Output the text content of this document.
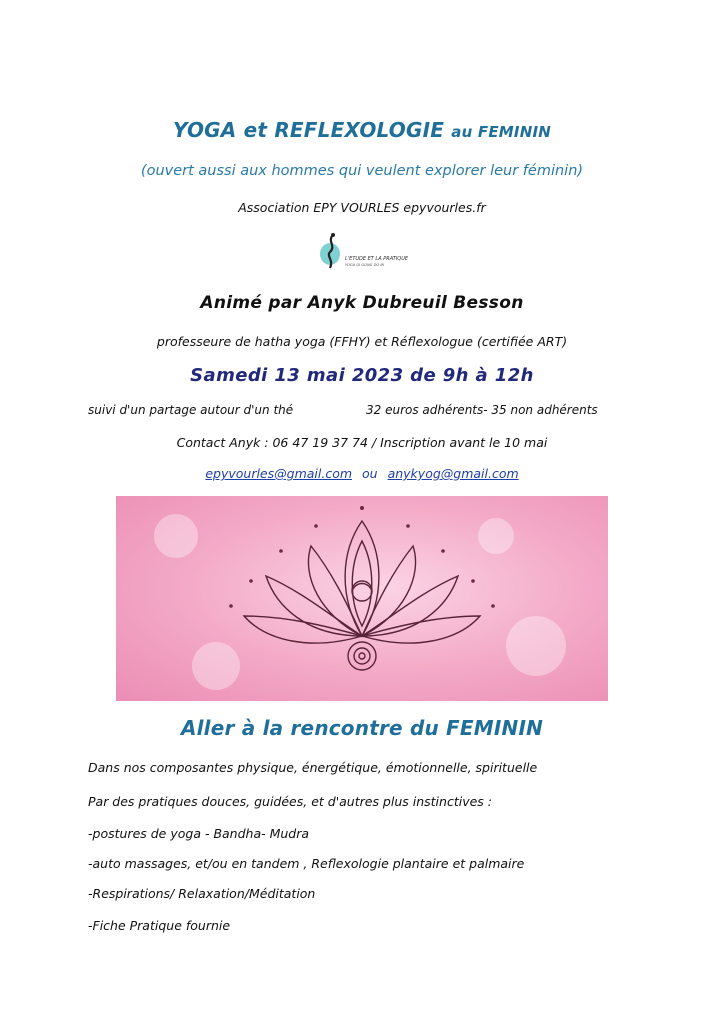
YOGA et REFLEXOLOGIE au FEMININ
(ouvert aussi aux hommes qui veulent explorer leur féminin)
Association EPY VOURLES epyvourles.fr
L'ETUDE ET LA PRATIQUE
YOGA QI GONG DO IN
Animé par Anyk Dubreuil Besson
professeure de hatha yoga (FFHY) et Réflexologue (certifiée ART)
Samedi 13 mai 2023 de 9h à 12h
suivi d'un partage autour d'un thé	32 euros adhérents- 35 non adhérents
Contact Anyk : 06 47 19 37 74 / Inscription avant le 10 mai
epyvourles@gmail.com ou anykyog@gmail.com
Aller à la rencontre du FEMININ
Dans nos composantes physique, énergétique, émotionnelle, spirituelle
Par des pratiques douces, guidées, et d'autres plus instinctives :
-postures de yoga - Bandha- Mudra
-auto massages, et/ou en tandem , Reflexologie plantaire et palmaire
-Respirations/ Relaxation/Méditation
-Fiche Pratique fournie
